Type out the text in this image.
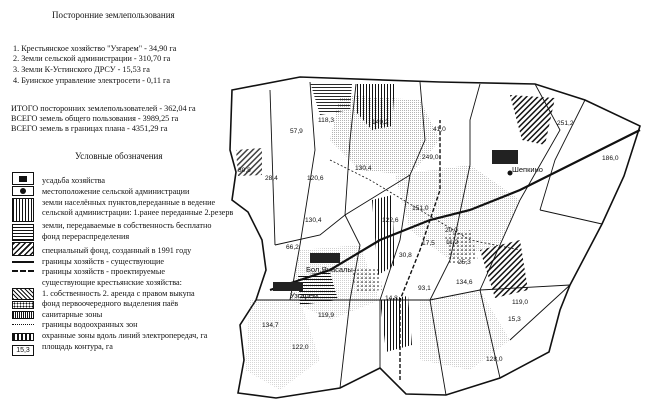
Посторонние землепользования
1. Крестьянское хозяйство "Узгарем" - 34,90 га
2. Земли сельской администрации - 310,70 га
3. Земли К-Устинского ДРСУ - 15,53 га
4. Буинское управление электросети - 0,11 га
ИТОГО посторонних землепользователей - 362,04 га
ВСЕГО земель общего пользования - 3989,25 га
ВСЕГО земель в границах плана - 4351,29 га
Условные обозначения
15,3
усадьба хозяйства
местоположение сельской администрации
земли населённых пунктов,переданные в ведение
сельской администрации: 1.ранее переданные 2.резерв
земли, передаваемые в собственность бесплатно
фонд перераспределения
специальный фонд, созданный в 1991 году
границы хозяйств - существующие
границы хозяйств - проектируемые
существующие крестьянские хозяйства:
1. собственность 2. аренда с правом выкупа
фонд первоочередного выделения паёв
санитарные зоны
границы водоохранных зон
охранные зоны вдоль линий электропередач, га
площадь контура, га
57,9
118,3	149,2
41,0
251,2
186,0
30,8
28,4	120,6
130,4
249,0
130,4
151,0
122,6
66,2
30,8
20,0
134,6
119,0
15,3
134,7
119,9
122,0
128,0
25,3
11,2
17,5
93,1
14,8
Шепкино
Бол.Янасалы
Узгарем
